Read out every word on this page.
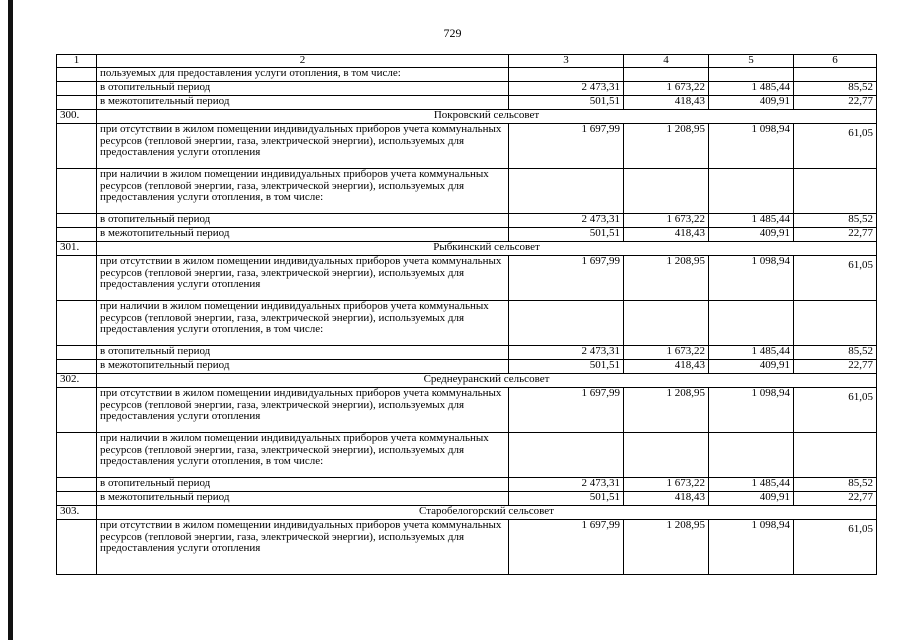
729
1	2	3	4	5	6
	пользуемых для предоставления услуги отопления, в том числе:				
	в отопительный период	2 473,31	1 673,22	1 485,44	85,52
	в межотопительный период	501,51	418,43	409,91	22,77
300.	Покровский сельсовет				
	при отсутствии в жилом помещении индивидуальных приборов учета коммунальных ресурсов (тепловой энергии, газа, электрической энергии), используемых для предоставления услуги отопления	1 697,99	1 208,95	1 098,94	61,05
	при наличии в жилом помещении индивидуальных приборов учета коммунальных ресурсов (тепловой энергии, газа, электрической энергии), используемых для предоставления услуги отопления, в том числе:				
	в отопительный период	2 473,31	1 673,22	1 485,44	85,52
	в межотопительный период	501,51	418,43	409,91	22,77
301.	Рыбкинский сельсовет				
	при отсутствии в жилом помещении индивидуальных приборов учета коммунальных ресурсов (тепловой энергии, газа, электрической энергии), используемых для предоставления услуги отопления	1 697,99	1 208,95	1 098,94	61,05
	при наличии в жилом помещении индивидуальных приборов учета коммунальных ресурсов (тепловой энергии, газа, электрической энергии), используемых для предоставления услуги отопления, в том числе:				
	в отопительный период	2 473,31	1 673,22	1 485,44	85,52
	в межотопительный период	501,51	418,43	409,91	22,77
302.	Среднеуранский сельсовет				
	при отсутствии в жилом помещении индивидуальных приборов учета коммунальных ресурсов (тепловой энергии, газа, электрической энергии), используемых для предоставления услуги отопления	1 697,99	1 208,95	1 098,94	61,05
	при наличии в жилом помещении индивидуальных приборов учета коммунальных ресурсов (тепловой энергии, газа, электрической энергии), используемых для предоставления услуги отопления, в том числе:				
	в отопительный период	2 473,31	1 673,22	1 485,44	85,52
	в межотопительный период	501,51	418,43	409,91	22,77
303.	Старобелогорский сельсовет				
	при отсутствии в жилом помещении индивидуальных приборов учета коммунальных ресурсов (тепловой энергии, газа, электрической энергии), используемых для предоставления услуги отопления	1 697,99	1 208,95	1 098,94	61,05
